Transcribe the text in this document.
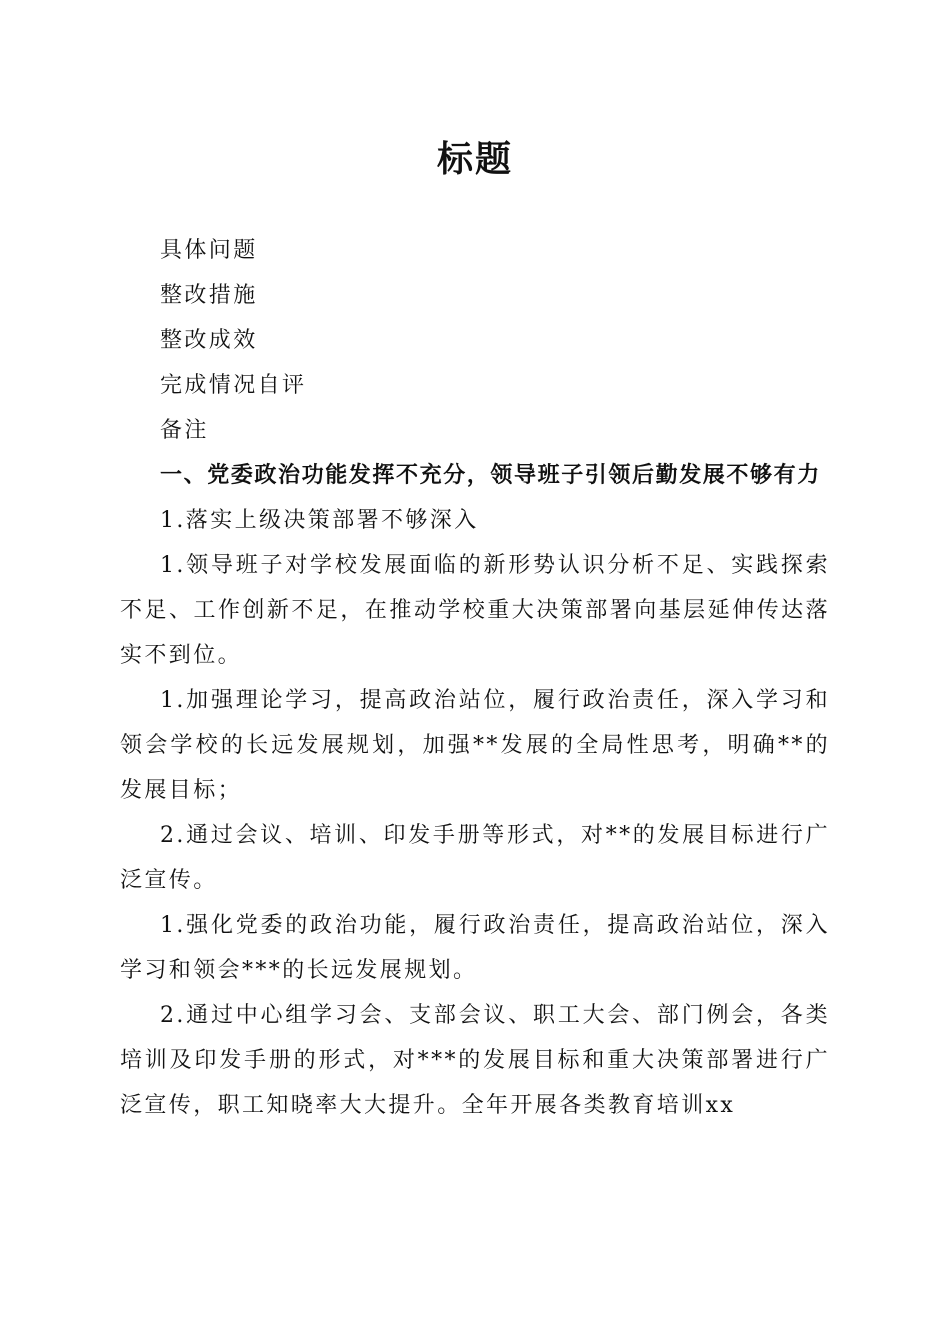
标题

具体问题

整改措施

整改成效

完成情况自评

备注

一、党委政治功能发挥不充分，领导班子引领后勤发展不够有力

1.落实上级决策部署不够深入

1.领导班子对学校发展面临的新形势认识分析不足、实践探索不足、工作创新不足，在推动学校重大决策部署向基层延伸传达落实不到位。

1.加强理论学习，提高政治站位，履行政治责任，深入学习和领会学校的长远发展规划，加强**发展的全局性思考，明确**的发展目标；

2.通过会议、培训、印发手册等形式，对**的发展目标进行广泛宣传。

1.强化党委的政治功能，履行政治责任，提高政治站位，深入学习和领会***的长远发展规划。

2.通过中心组学习会、支部会议、职工大会、部门例会，各类培训及印发手册的形式，对***的发展目标和重大决策部署进行广泛宣传，职工知晓率大大提升。全年开展各类教育培训xx
